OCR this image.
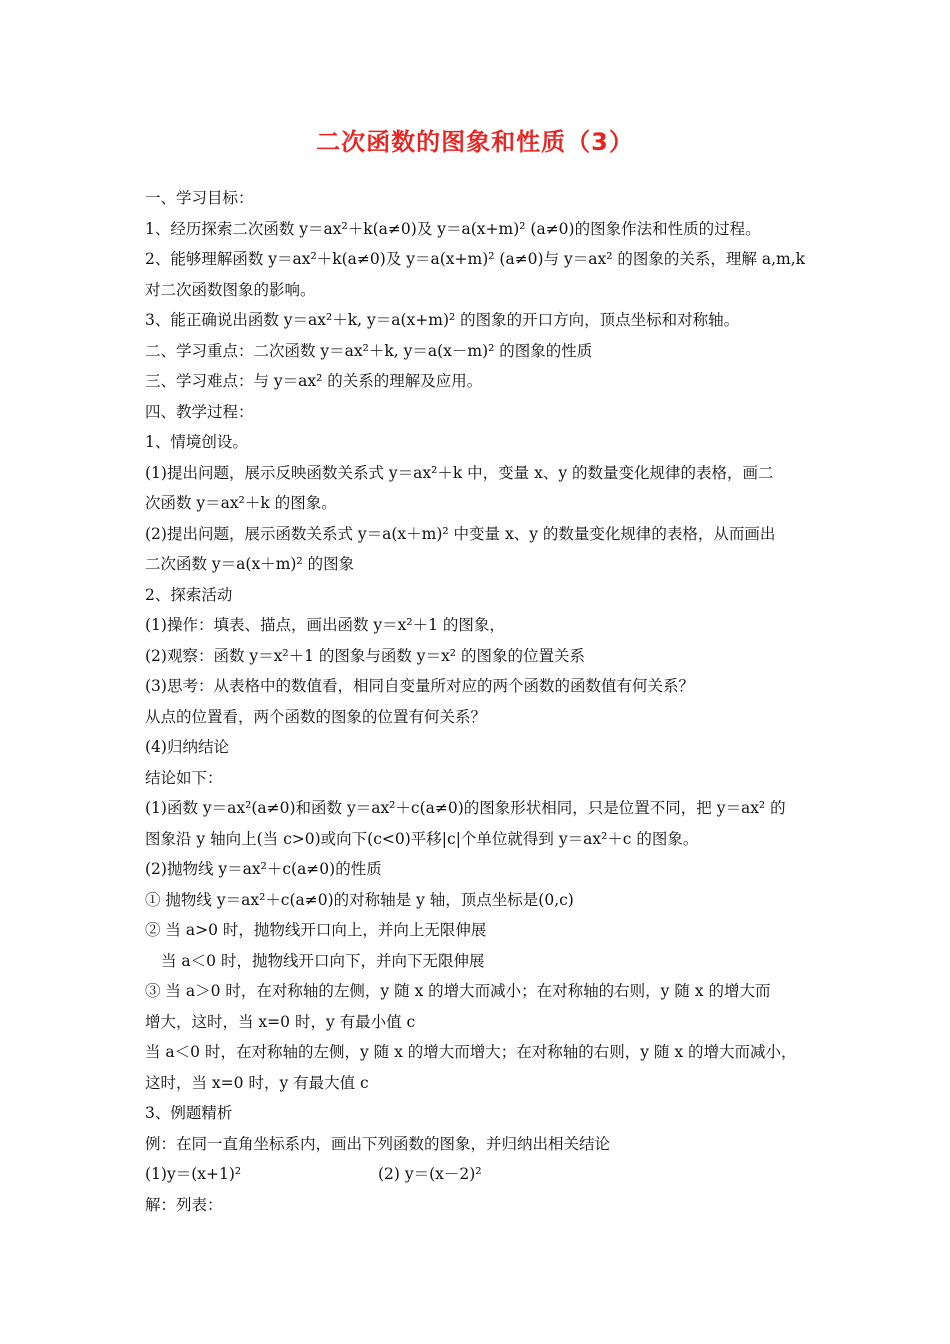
二次函数的图象和性质（3）
一、学习目标：
1、经历探索二次函数 y＝ax²＋k(a≠0)及 y＝a(x+m)² (a≠0)的图象作法和性质的过程。
2、能够理解函数 y＝ax²＋k(a≠0)及 y＝a(x+m)² (a≠0)与 y＝ax² 的图象的关系，理解 a,m,k
对二次函数图象的影响。
3、能正确说出函数 y＝ax²＋k, y＝a(x+m)² 的图象的开口方向，顶点坐标和对称轴。
二、学习重点：二次函数 y＝ax²＋k, y＝a(x－m)² 的图象的性质
三、学习难点：与 y＝ax² 的关系的理解及应用。
四、教学过程：
1、情境创设。
(1)提出问题，展示反映函数关系式 y＝ax²＋k 中，变量 x、y 的数量变化规律的表格，画二
次函数 y＝ax²＋k 的图象。
(2)提出问题，展示函数关系式 y＝a(x＋m)² 中变量 x、y 的数量变化规律的表格，从而画出
二次函数 y＝a(x＋m)² 的图象
2、探索活动
(1)操作：填表、描点，画出函数 y＝x²＋1 的图象，
(2)观察：函数 y＝x²＋1 的图象与函数 y＝x² 的图象的位置关系
(3)思考：从表格中的数值看，相同自变量所对应的两个函数的函数值有何关系？
从点的位置看，两个函数的图象的位置有何关系？
(4)归纳结论
结论如下：
(1)函数 y＝ax²(a≠0)和函数 y＝ax²＋c(a≠0)的图象形状相同，只是位置不同，把 y＝ax² 的
图象沿 y 轴向上(当 c>0)或向下(c<0)平移|c|个单位就得到 y＝ax²＋c 的图象。
(2)抛物线 y＝ax²＋c(a≠0)的性质
① 抛物线 y＝ax²＋c(a≠0)的对称轴是 y 轴，顶点坐标是(0,c)
② 当 a>0 时，抛物线开口向上，并向上无限伸展
当 a＜0 时，抛物线开口向下，并向下无限伸展
③ 当 a＞0 时，在对称轴的左侧，y 随 x 的增大而减小；在对称轴的右则，y 随 x 的增大而
增大，这时，当 x=0 时，y 有最小值 c
当 a＜0 时，在对称轴的左侧，y 随 x 的增大而增大；在对称轴的右则，y 随 x 的增大而减小，
这时，当 x=0 时，y 有最大值 c
3、例题精析
例：在同一直角坐标系内，画出下列函数的图象，并归纳出相关结论
(1)y＝(x+1)²	(2) y＝(x－2)²
解：列表：
